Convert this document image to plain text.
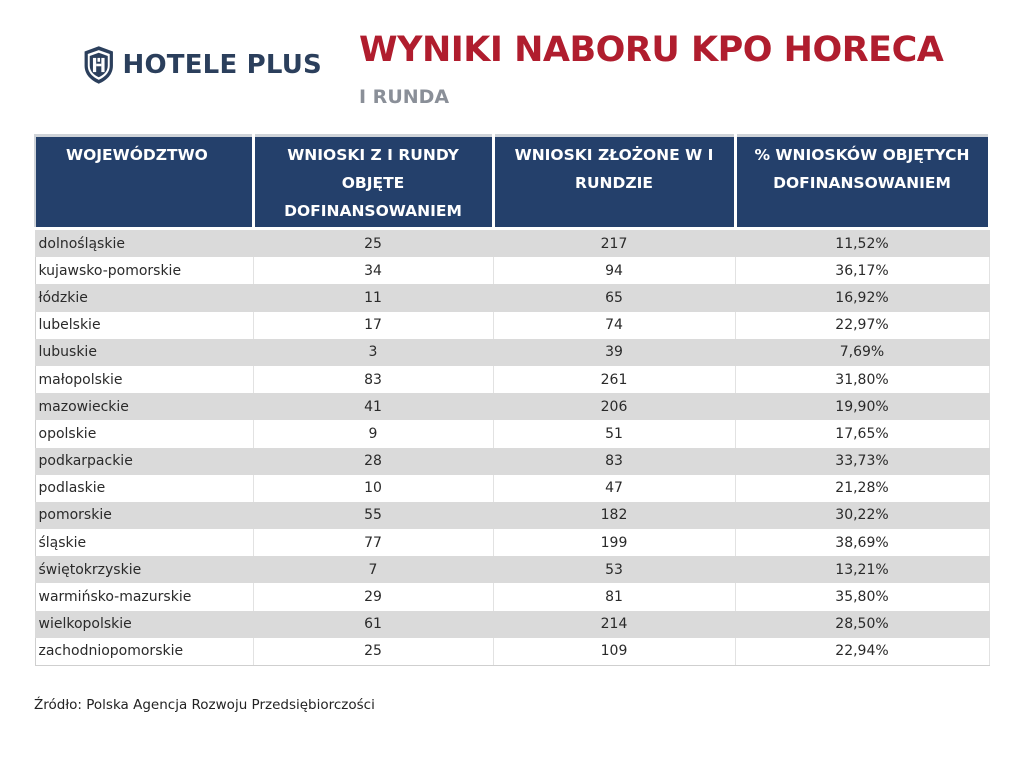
HOTELE PLUS WYNIKI NABORU KPO HORECA
I RUNDA
WOJEWÓDZTWO	WNIOSKI Z I RUNDY OBJĘTE DOFINANSOWANIEM	WNIOSKI ZŁOŻONE W I RUNDZIE	% WNIOSKÓW OBJĘTYCH DOFINANSOWANIEM
dolnośląskie	25	217	11,52%
kujawsko-pomorskie	34	94	36,17%
łódzkie	11	65	16,92%
lubelskie	17	74	22,97%
lubuskie	3	39	7,69%
małopolskie	83	261	31,80%
mazowieckie	41	206	19,90%
opolskie	9	51	17,65%
podkarpackie	28	83	33,73%
podlaskie	10	47	21,28%
pomorskie	55	182	30,22%
śląskie	77	199	38,69%
świętokrzyskie	7	53	13,21%
warmińsko-mazurskie	29	81	35,80%
wielkopolskie	61	214	28,50%
zachodniopomorskie	25	109	22,94%
Źródło: Polska Agencja Rozwoju Przedsiębiorczości
